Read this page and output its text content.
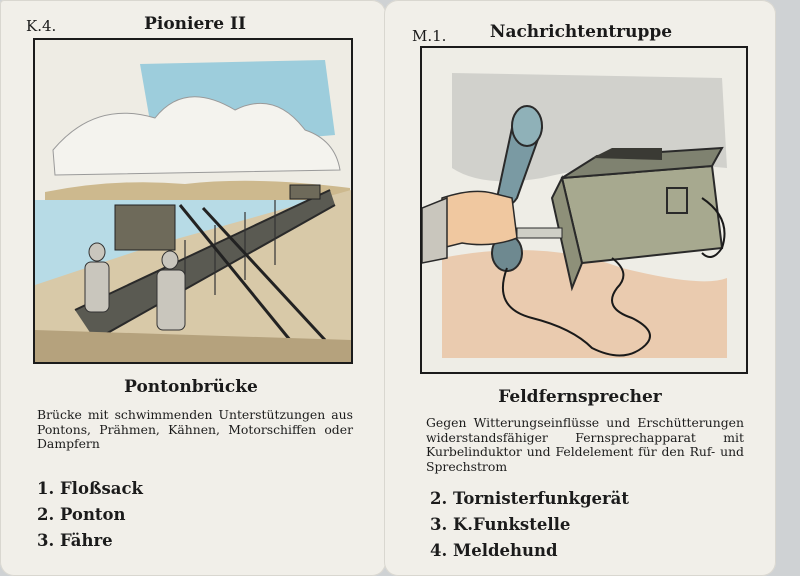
K.4.	Pioniere II
Pontonbrücke
Brücke mit schwimmenden Unterstützungen aus Pontons, Prähmen, Kähnen, Motorschiffen oder Dampfern
1. Floßsack
2. Ponton
3. Fähre
M.1.	Nachrichtentruppe
Feldfernsprecher
Gegen Witterungseinflüsse und Erschütterungen widerstandsfähiger Fernsprechapparat mit Kurbelinduktor und Feldelement für den Ruf- und Sprechstrom
2. Tornisterfunkgerät
3. K.Funkstelle
4. Meldehund
